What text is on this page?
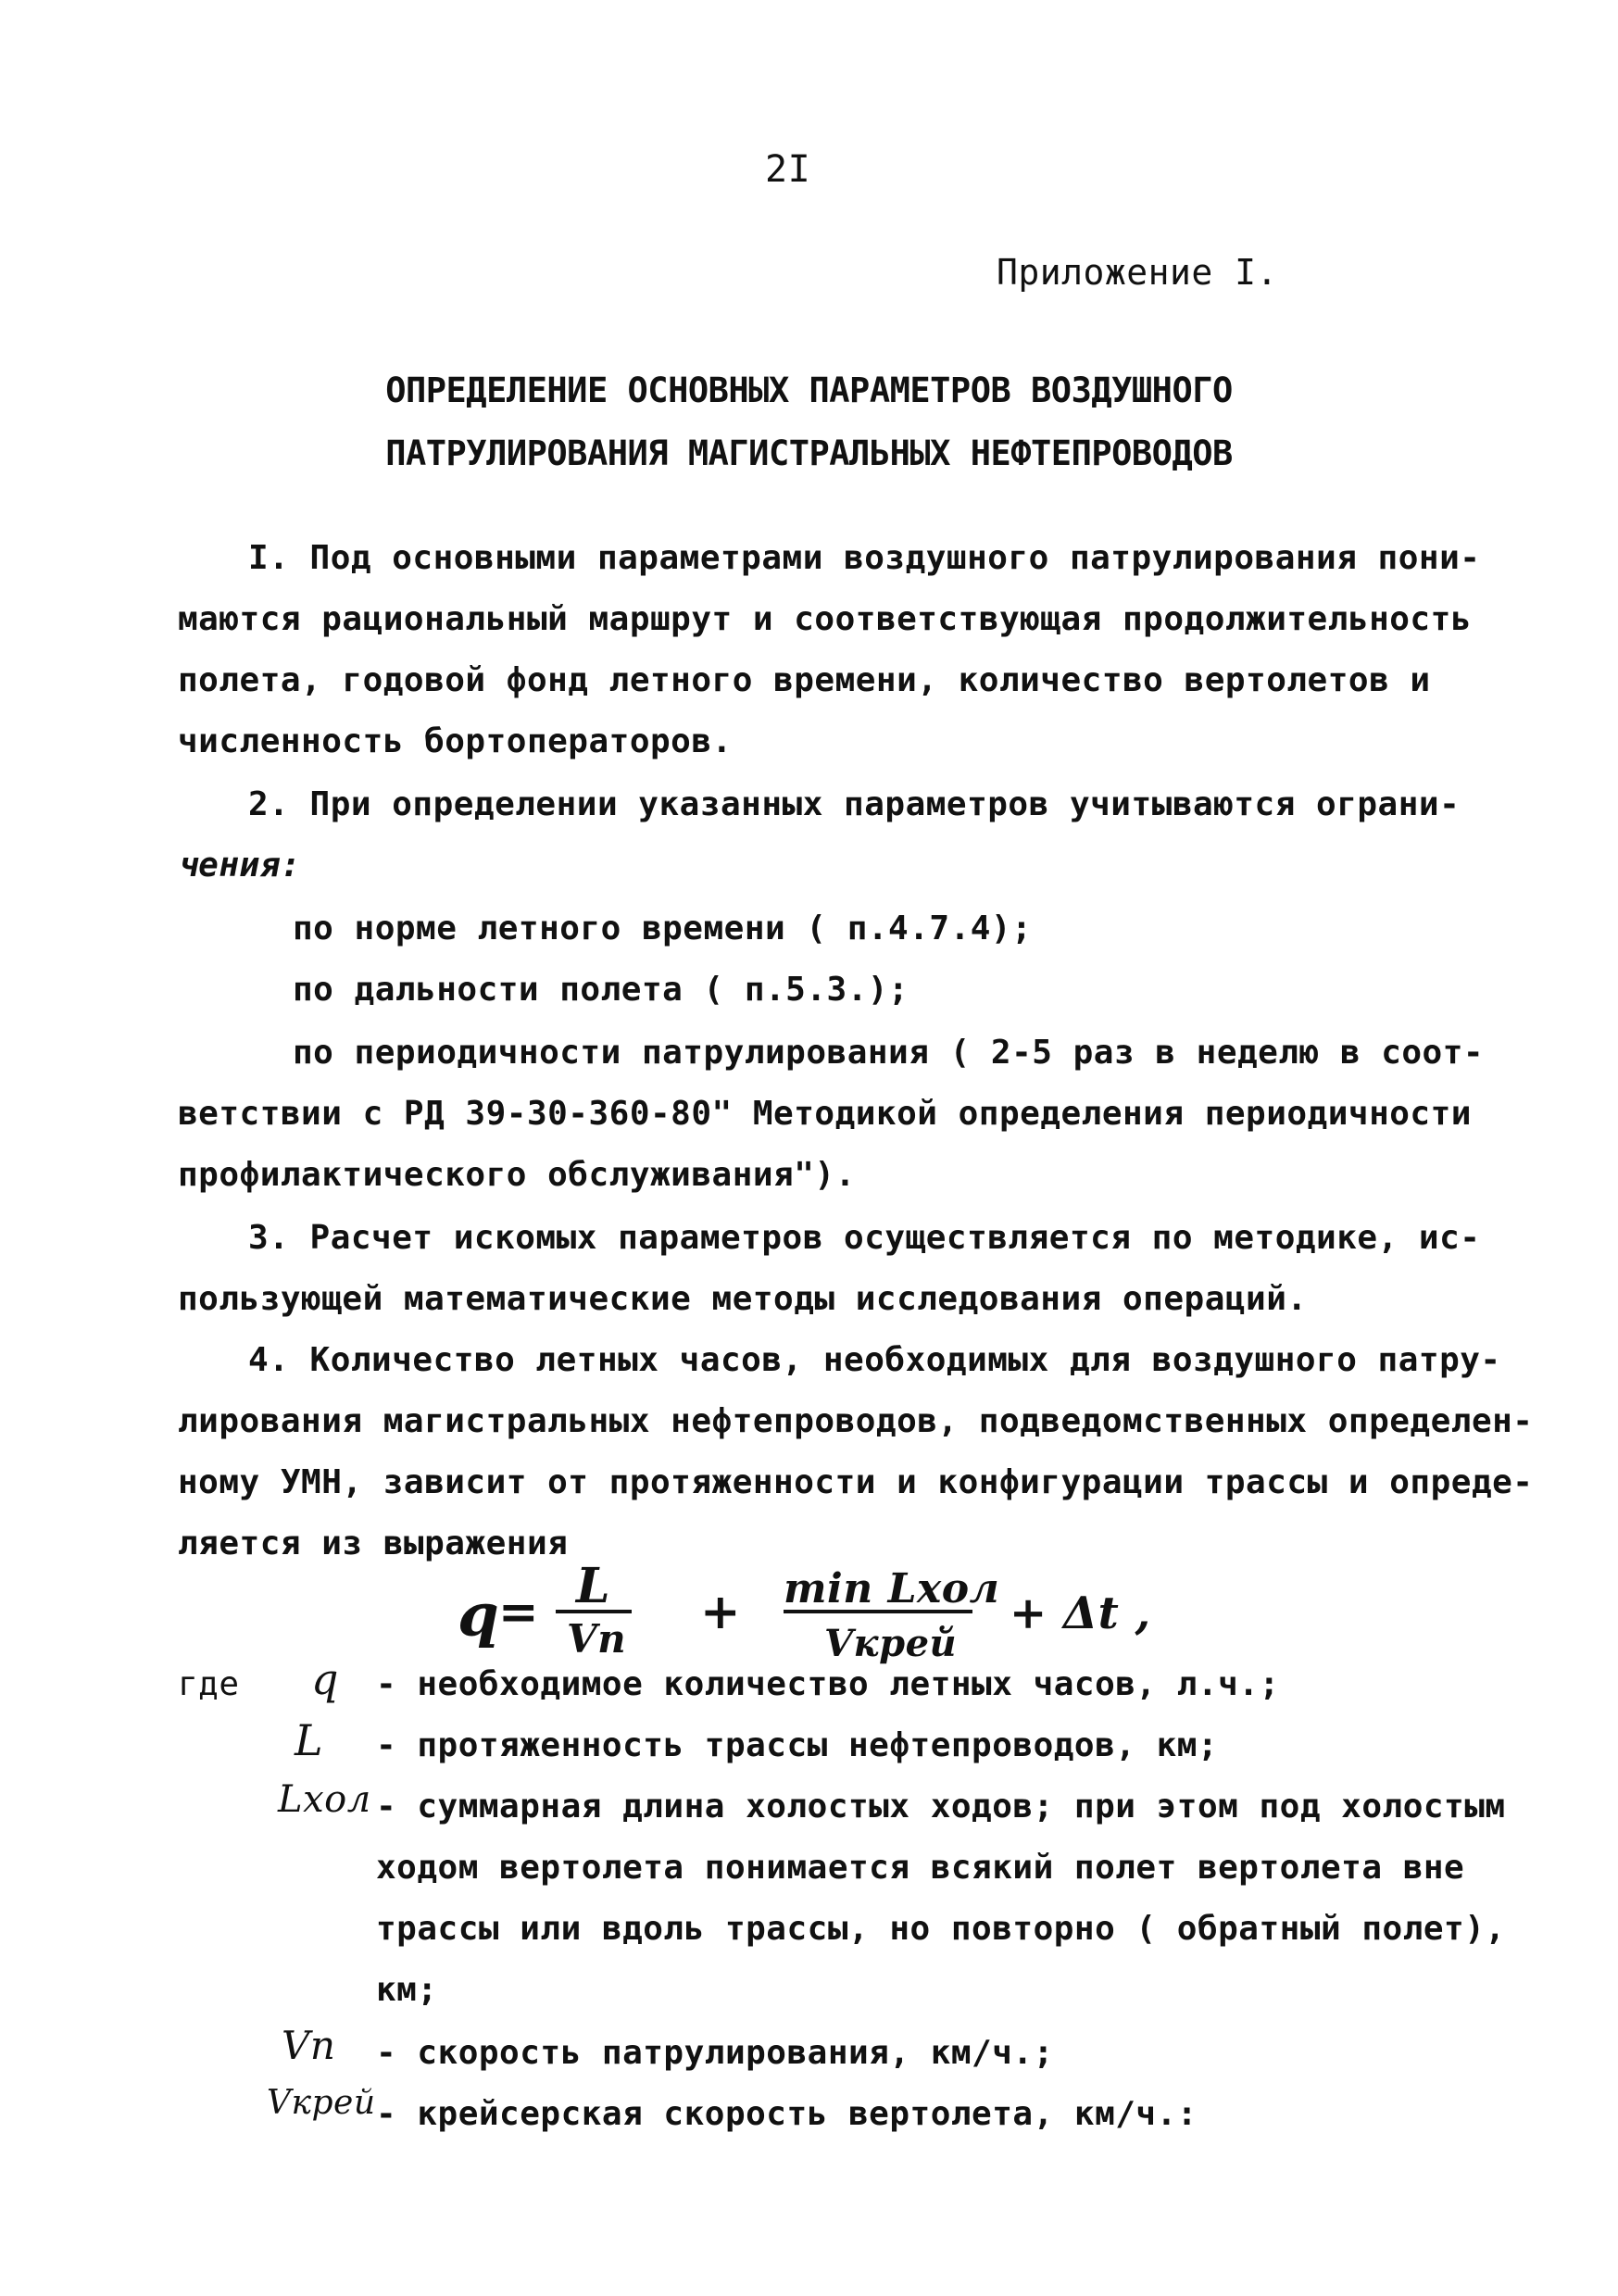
2I
Приложение I.
ОПРЕДЕЛЕНИЕ ОСНОВНЫХ ПАРАМЕТРОВ ВОЗДУШНОГО
ПАТРУЛИРОВАНИЯ МАГИСТРАЛЬНЫХ НЕФТЕПРОВОДОВ
I. Под основными параметрами воздушного патрулирования пони-
маются рациональный маршрут и соответствующая продолжительность
полета, годовой фонд летного времени, количество вертолетов и
численность бортоператоров.
2. При определении указанных параметров учитываются ограни-
чения:
по норме летного времени ( п.4.7.4);
по дальности полета ( п.5.3.);
по периодичности патрулирования ( 2-5 раз в неделю в соот-
ветствии с РД 39-30-360-80" Методикой определения периодичности
профилактического обслуживания").
3. Расчет искомых параметров осуществляется по методике, ис-
пользующей математические методы исследования операций.
4. Количество летных часов, необходимых для воздушного патру-
лирования магистральных нефтепроводов, подведомственных определен-
ному УМН, зависит от протяженности и конфигурации трассы и опреде-
ляется из выражения
q
= L
Vп + min Lхол
Vкрей
+ Δt ,
где q - необходимое количество летных часов, л.ч.;
L - протяженность трассы нефтепроводов, км;
Lхол - суммарная длина холостых ходов; при этом под холостым
ходом вертолета понимается всякий полет вертолета вне
трассы или вдоль трассы, но повторно ( обратный полет),
км;
Vп - скорость патрулирования, км/ч.;
Vкрей - крейсерская скорость вертолета, км/ч.:
